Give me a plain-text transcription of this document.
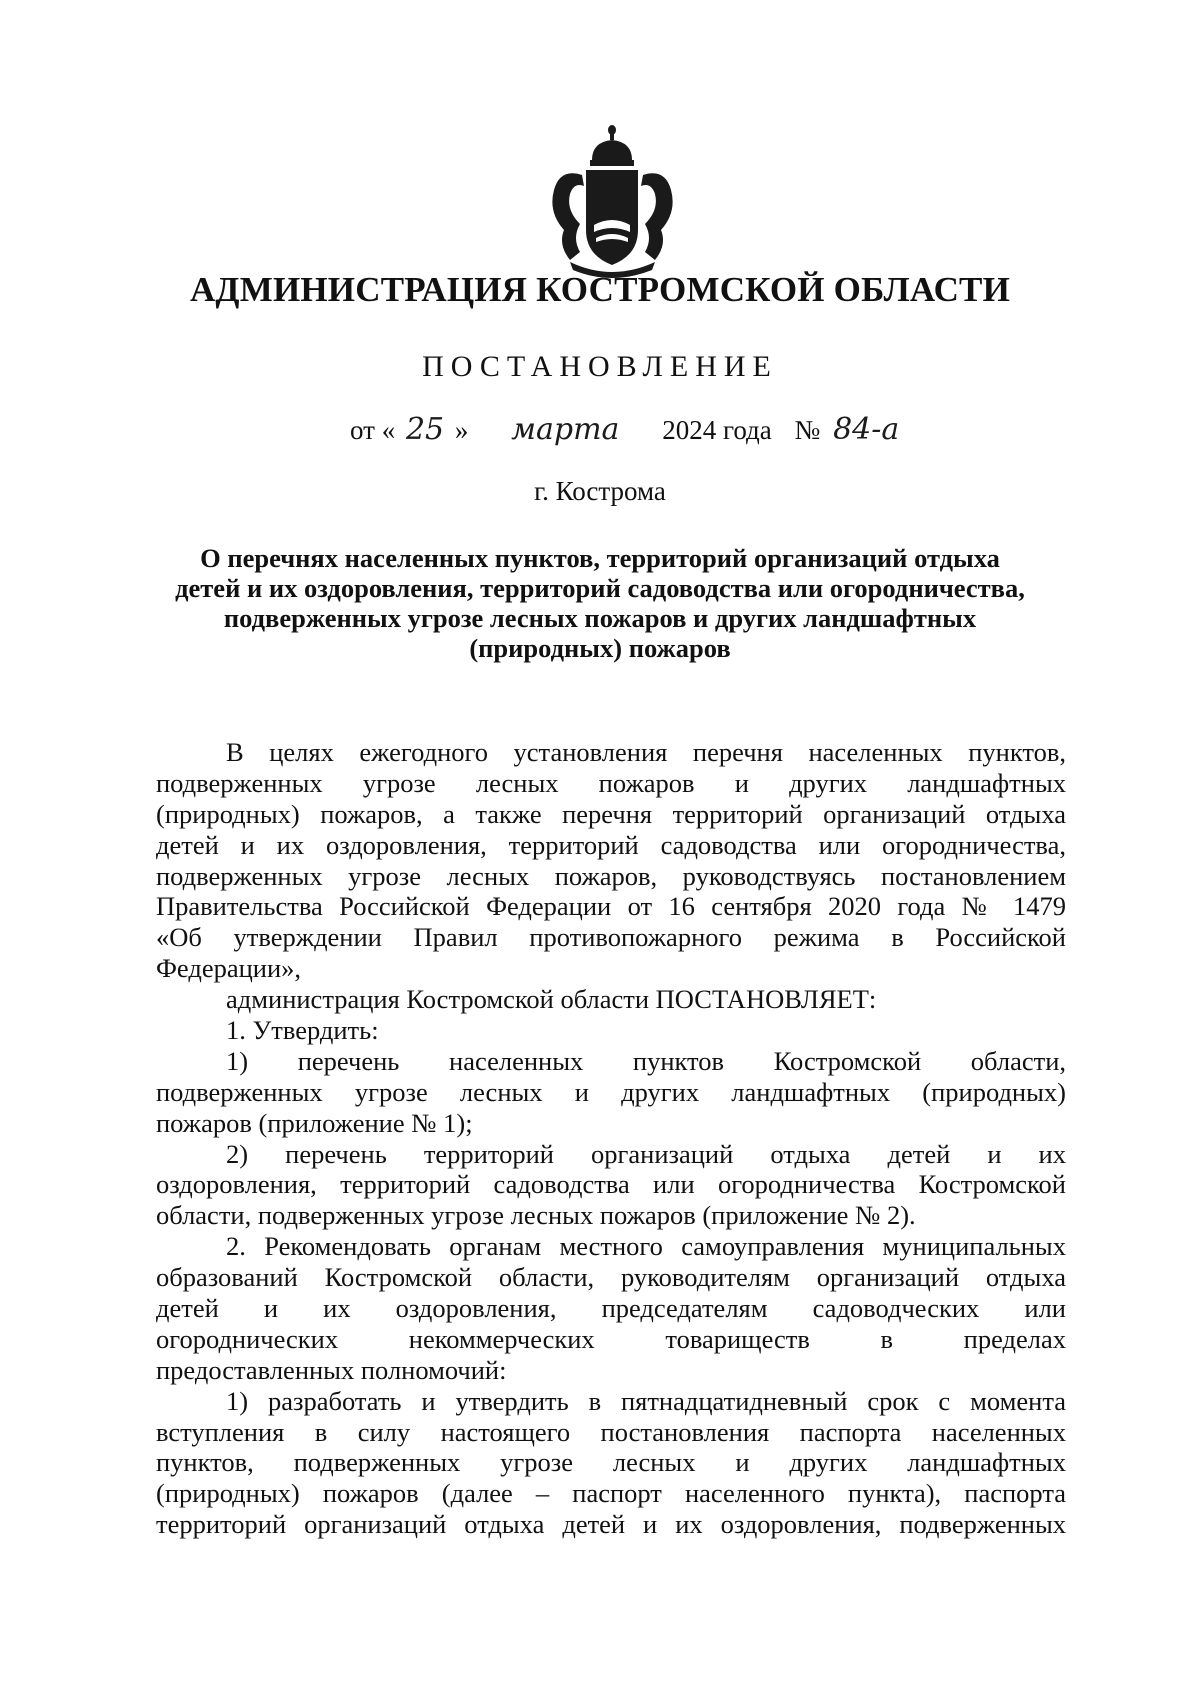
АДМИНИСТРАЦИЯ КОСТРОМСКОЙ ОБЛАСТИ
ПОСТАНОВЛЕНИЕ
от « 25 » марта 2024 года № 84-а
г. Кострома
О перечнях населенных пунктов, территорий организаций отдыха
детей и их оздоровления, территорий садоводства или огородничества,
подверженных угрозе лесных пожаров и других ландшафтных
(природных) пожаров
В целях ежегодного установления перечня населенных пунктов,
подверженных угрозе лесных пожаров и других ландшафтных
(природных) пожаров, а также перечня территорий организаций отдыха
детей и их оздоровления, территорий садоводства или огородничества,
подверженных угрозе лесных пожаров, руководствуясь постановлением
Правительства Российской Федерации от 16 сентября 2020 года № 1479
«Об утверждении Правил противопожарного режима в Российской
Федерации»,
администрация Костромской области ПОСТАНОВЛЯЕТ:
1. Утвердить:
1) перечень населенных пунктов Костромской области,
подверженных угрозе лесных и других ландшафтных (природных)
пожаров (приложение № 1);
2) перечень территорий организаций отдыха детей и их
оздоровления, территорий садоводства или огородничества Костромской
области, подверженных угрозе лесных пожаров (приложение № 2).
2. Рекомендовать органам местного самоуправления муниципальных
образований Костромской области, руководителям организаций отдыха
детей и их оздоровления, председателям садоводческих или
огороднических некоммерческих товариществ в пределах
предоставленных полномочий:
1) разработать и утвердить в пятнадцатидневный срок с момента
вступления в силу настоящего постановления паспорта населенных
пунктов, подверженных угрозе лесных и других ландшафтных
(природных) пожаров (далее – паспорт населенного пункта), паспорта
территорий организаций отдыха детей и их оздоровления, подверженных
